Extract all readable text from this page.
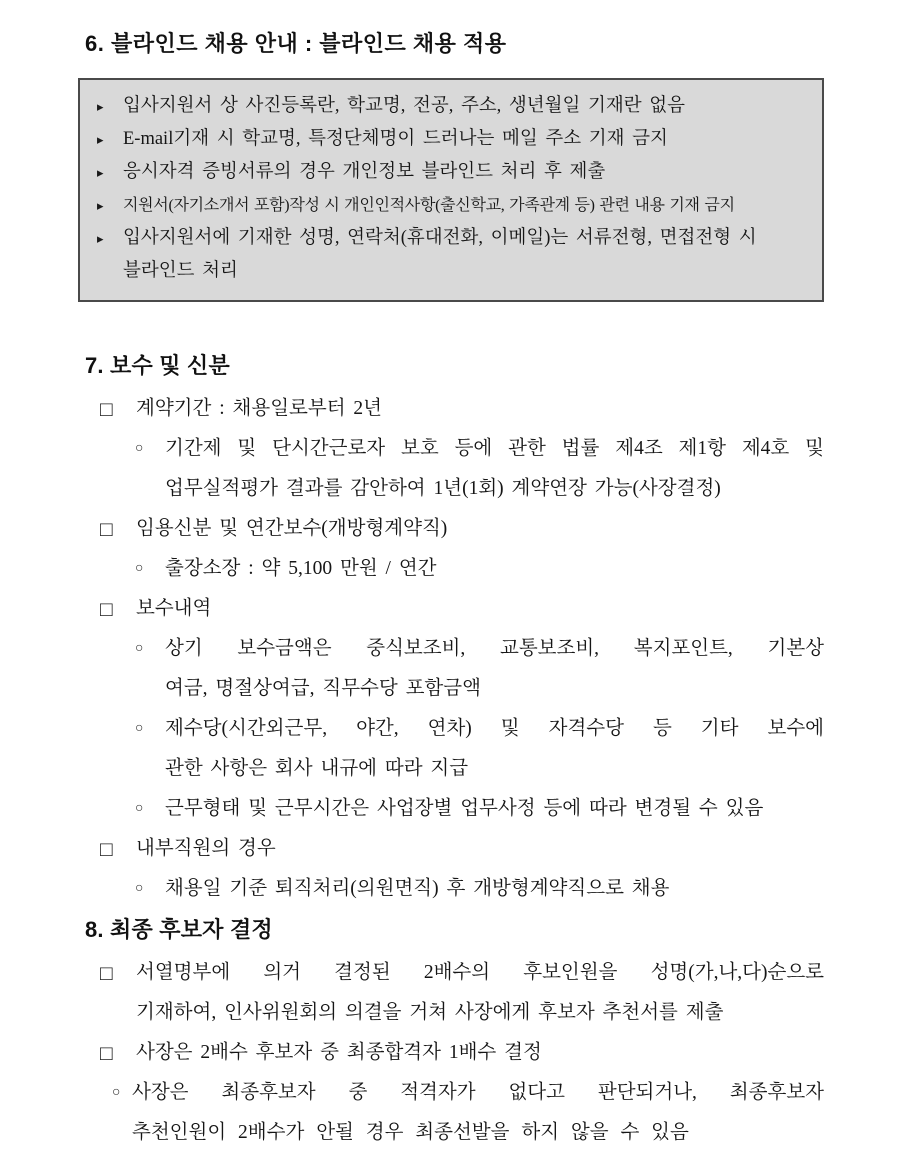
6. 블라인드 채용 안내 : 블라인드 채용 적용
▸	입사지원서 상 사진등록란, 학교명, 전공, 주소, 생년월일 기재란 없음
▸	E-mail기재 시 학교명, 특정단체명이 드러나는 메일 주소 기재 금지
▸	응시자격 증빙서류의 경우 개인정보 블라인드 처리 후 제출
▸	지원서(자기소개서 포함)작성 시 개인인적사항(출신학교, 가족관계 등) 관련 내용 기재 금지
▸	입사지원서에 기재한 성명, 연락처(휴대전화, 이메일)는 서류전형, 면접전형 시
블라인드 처리
7. 보수 및 신분
□	계약기간 : 채용일로부터 2년
○	기간제 및 단시간근로자 보호 등에 관한 법률 제4조 제1항 제4호 및
업무실적평가 결과를 감안하여 1년(1회) 계약연장 가능(사장결정)
□	임용신분 및 연간보수(개방형계약직)
○	출장소장 : 약 5,100 만원 / 연간
□	보수내역
○	상기 보수금액은 중식보조비, 교통보조비, 복지포인트, 기본상
여금, 명절상여급, 직무수당 포함금액
○	제수당(시간외근무, 야간, 연차) 및 자격수당 등 기타 보수에
관한 사항은 회사 내규에 따라 지급
○	근무형태 및 근무시간은 사업장별 업무사정 등에 따라 변경될 수 있음
□	내부직원의 경우
○	채용일 기준 퇴직처리(의원면직) 후 개방형계약직으로 채용
8. 최종 후보자 결정
□	서열명부에 의거 결정된 2배수의 후보인원을 성명(가,나,다)순으로
기재하여, 인사위원회의 의결을 거쳐 사장에게 후보자 추천서를 제출
□	사장은 2배수 후보자 중 최종합격자 1배수 결정
○ 사장은 최종후보자 중 적격자가 없다고 판단되거나, 최종후보자
추천인원이 2배수가 안될 경우 최종선발을 하지 않을 수 있음
